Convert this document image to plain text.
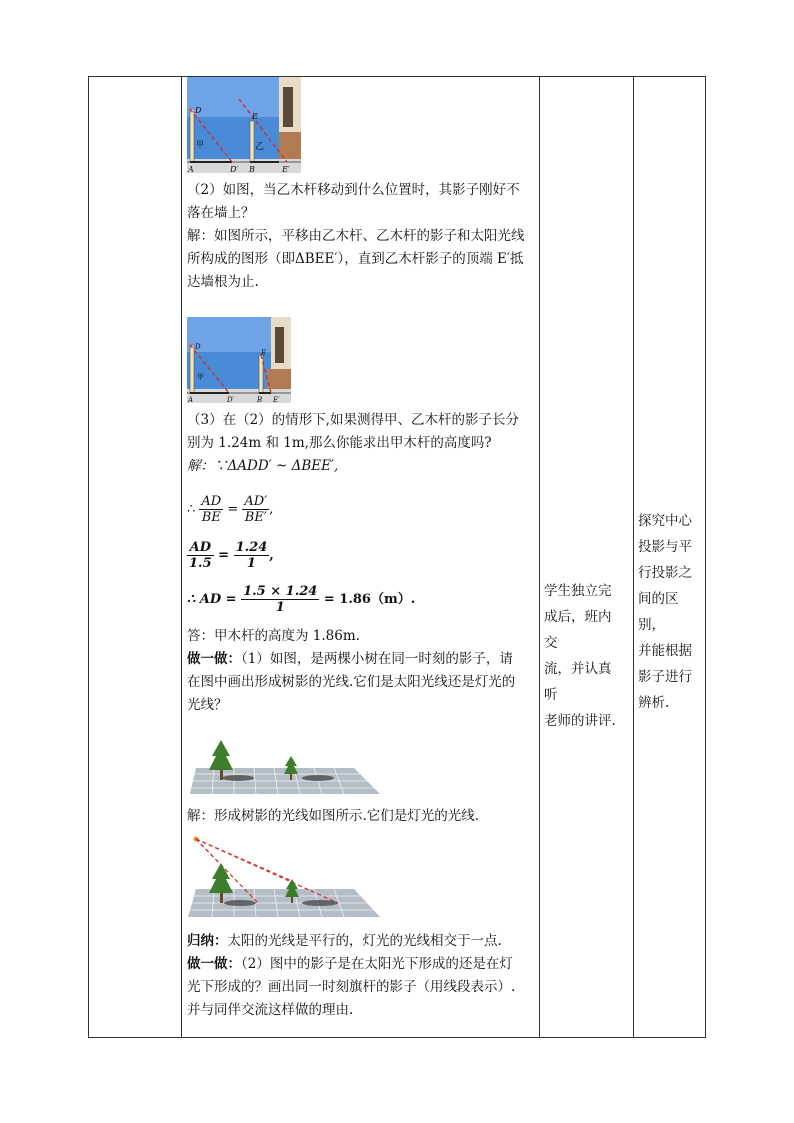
D
E
甲	乙
A	D′ B	E′
（2）如图，当乙木杆移动到什么位置时，其影子刚好不
落在墙上？
解：如图所示，平移由乙木杆、乙木杆的影子和太阳光线
所构成的图形（即ΔBEE′），直到乙木杆影子的顶端 E′抵
达墙根为止.
D
E
甲
A	D′	B E′
（3）在（2）的情形下,如果测得甲、乙木杆的影子长分
别为 1.24m 和 1m,那么你能求出甲木杆的高度吗?
解：∵ΔADD′ ~ ΔBEE′,
∴ $\frac{AD}{BE} = \frac{AD'}{BE'}$ ,
$\frac{AD}{1.5} = \frac{1.24}{1}$ ,
∴ AD = $\frac{1.5 \times 1.24}{1} = 1.86(m)$.
答：甲木杆的高度为 1.86m.
做一做：（1）如图，是两棵小树在同一时刻的影子，请
在图中画出形成树影的光线.它们是太阳光线还是灯光的
光线？
解：形成树影的光线如图所示.它们是灯光的光线.
归纳：太阳的光线是平行的，灯光的光线相交于一点.
做一做：（2）图中的影子是在太阳光下形成的还是在灯
光下形成的？画出同一时刻旗杆的影子（用线段表示）.
并与同伴交流这样做的理由.
学生独立完
成后，班内交
流，并认真听
老师的讲评.
探究中心
投影与平
行投影之
间的区别，
并能根据
影子进行
辨析.
